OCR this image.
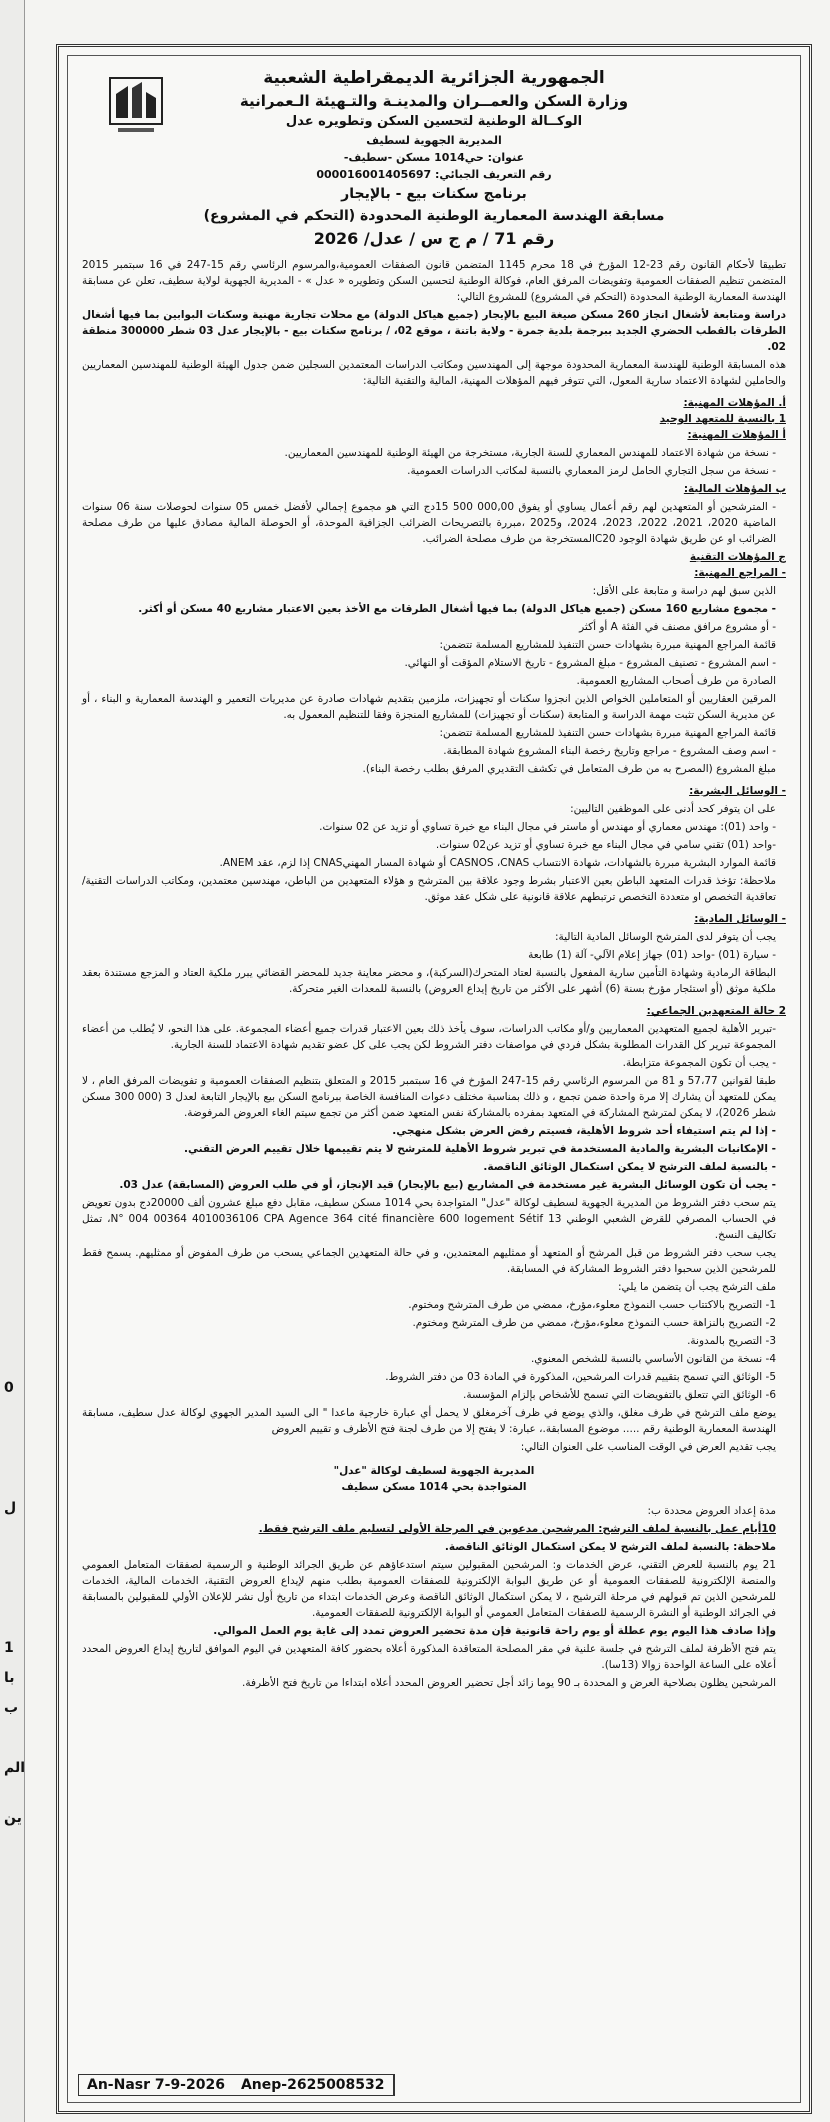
0
ل
1
با
ب
الم
ين
الجمهورية الجزائرية الديمقراطية الشعبية
وزارة السكن والعمــران والمدينـة والتـهيئة الـعمرانية
الوكــالة الوطنية لتحسين السكن وتطويره عدل
المديرية الجهوية لسطيف
عنوان: حي1014 مسكن -سطيف-
رقم التعريف الجبائي: 000016001405697
برنامج سكنات بيع - بالإيجار
مسابقة الهندسة المعمارية الوطنية المحدودة (التحكم في المشروع)
رقم 71 / م ج س / عدل/ 2026

تطبيقا لأحكام القانون رقم 23-12 المؤرخ في 18 محرم 1145 المتضمن قانون الصفقات العمومية،والمرسوم الرئاسي رقم 15-247 في 16 سبتمبر 2015 المتضمن تنظيم الصفقات العمومية وتفويضات المرفق العام، فوكالة الوطنية لتحسين السكن وتطويره « عدل » - المديرية الجهوية لولاية سطيف، تعلن عن مسابقة الهندسة المعمارية الوطنية المحدودة (التحكم في المشروع) للمشروع التالي:

دراسة ومتابعة لأشغال انجاز 260 مسكن صيغة البيع بالإيجار (جميع هياكل الدولة) مع محلات تجارية مهنية وسكنات البوابين بما فيها أشغال الطرقات بالقطب الحضري الجديد ببرجمة بلدية جمرة - ولاية باتنة ، موقع 02، / برنامج سكنات بيع - بالإيجار عدل 03 شطر 300000 منطقة 02.

هذه المسابقة الوطنية للهندسة المعمارية المحدودة موجهة إلى المهندسين ومكاتب الدراسات المعتمدين السجلين ضمن جدول الهيئة الوطنية للمهندسين المعماريين والحاملين لشهادة الاعتماد سارية المعول، التي تتوفر فيهم المؤهلات المهنية، المالية والتقنية التالية:

أ. المؤهلات المهنية:
1 بالنسبة للمتعهد الوحيد
أ المؤهلات المهنية:

- نسخة من شهادة الاعتماد للمهندس المعماري للسنة الجارية، مستخرجة من الهيئة الوطنية للمهندسين المعماريين.

- نسخة من سجل التجاري الحامل لرمز المعماري بالنسبة لمكاتب الدراسات العمومية.

ب المؤهلات المالية:

- المترشحين أو المتعهدين لهم رقم أعمال يساوي أو يفوق 000,00 500 15دج التي هو مجموع إجمالي لأفضل خمس 05 سنوات لحوصلات سنة 06 سنوات الماضية 2020، 2021، 2022، 2023، 2024، و2025 ،مبررة بالتصريحات الضرائب الجزافية الموحدة، أو الحوصلة المالية مصادق عليها من طرف مصلحة الضرائب او عن طريق شهادة الوجود C20المستخرجة من طرف مصلحة الضرائب.

ج المؤهلات التقنية
- المراجع المهنية:

الذين سبق لهم دراسة و متابعة على الأقل:

- مجموع مشاريع 160 مسكن (جميع هياكل الدولة) بما فيها أشغال الطرقات مع الأخذ بعين الاعتبار مشاريع 40 مسكن أو أكثر.

- أو مشروع مرافق مصنف في الفئة A أو أكثر

قائمة المراجع المهنية مبررة بشهادات حسن التنفيذ للمشاريع المسلمة تتضمن:

- اسم المشروع - تصنيف المشروع - مبلغ المشروع - تاريخ الاستلام المؤقت أو النهائي.

الصادرة من طرف أصحاب المشاريع العمومية.

المرقين العقاريين أو المتعاملين الخواص الذين انجزوا سكنات أو تجهيزات، ملزمين بتقديم شهادات صادرة عن مديريات التعمير و الهندسة المعمارية و البناء ، أو عن مديرية السكن تثبت مهمة الدراسة و المتابعة (سكنات أو تجهيزات) للمشاريع المنجزة وفقا للتنظيم المعمول به.

قائمة المراجع المهنية مبررة بشهادات حسن التنفيذ للمشاريع المسلمة تتضمن:

- اسم وصف المشروع - مراجع وتاريخ رخصة البناء المشروع شهادة المطابقة.

مبلغ المشروع (المصرح به من طرف المتعامل في تكشف التقديري المرفق بطلب رخصة البناء).

- الوسائل البشرية:

على ان يتوفر كحد أدنى على الموظفين التاليين:

- واحد (01): مهندس معماري أو مهندس أو ماستر في مجال البناء مع خبرة تساوي أو تزيد عن 02 سنوات.

-واحد (01) تقني سامي في مجال البناء مع خبرة تساوي أو تزيد عن02 سنوات.

قائمة الموارد البشرية مبررة بالشهادات، شهادة الانتساب CASNOS ،CNAS أو شهادة المسار المهنيCNAS إذا لزم، عقد ANEM.

ملاحظة: تؤخذ قدرات المتعهد الباطن بعين الاعتبار بشرط وجود علاقة بين المترشح و هؤلاء المتعهدين من الباطن، مهندسين معتمدين، ومكاتب الدراسات التقنية/تعاقدية التخصص او متعددة التخصص ترتبطهم علاقة قانونية على شكل عقد موثق.

- الوسائل المادية:

يجب أن يتوفر لدى المترشح الوسائل المادية التالية:

- سيارة (01) -واحد (01) جهاز إعلام الآلي- آلة (1) طابعة

البطاقة الرمادية وشهادة التأمين سارية المفعول بالنسبة لعتاد المتحرك(السركبة)، و محضر معاينة جديد للمحضر القضائي يبرر ملكية العتاد و المزجع مستندة بعقد ملكية موثق (أو استئجار مؤرخ بسنة (6) أشهر على الأكثر من تاريخ إيداع العروض) بالنسبة للمعدات الغير متحركة.

2 حالة المتعهدين الجماعي:

-تبرير الأهلية لجميع المتعهدين المعماريين و/أو مكاتب الدراسات، سوف يأخذ ذلك بعين الاعتبار قدرات جميع أعضاء المجموعة. على هذا النحو، لا يُطلب من أعضاء المجموعة تبرير كل القدرات المطلوبة بشكل فردي في مواصفات دفتر الشروط لكن يجب على كل عضو تقديم شهادة الاعتماد للسنة الجارية.

- يجب أن تكون المجموعة متزابطة.

طبقا لقوانين 57،77 و 81 من المرسوم الرئاسي رقم 15-247 المؤرخ في 16 سبتمبر 2015 و المتعلق بتنظيم الصفقات العمومية و تفويضات المرفق العام ، لا يمكن للمتعهد أن يشارك إلا مرة واحدة ضمن تجمع ، و ذلك بمناسبة مختلف دعوات المنافسة الخاصة ببرنامج السكن بيع بالإيجار التابعة لعدل 3 (000 300 مسكن شطر 2026)، لا يمكن لمترشح المشاركة في المتعهد بمفرده بالمشاركة نفس المتعهد ضمن أكثر من تجمع سيتم الغاء العروض المرفوضة.

- إذا لم يتم استيفاء أحد شروط الأهلية، فسيتم رفض العرض بشكل منهجي.

- الإمكانيات البشرية والمادية المستخدمة في تبرير شروط الأهلية للمترشح لا يتم تقييمها خلال تقييم العرض التقني.

- بالنسبة لملف الترشح لا يمكن استكمال الوثائق الناقصة.

- يجب أن تكون الوسائل البشرية غير مستخدمة في المشاريع (بيع بالإيجار) قيد الإنجاز، أو في طلب العروض (المسابقة) عدل 03.

يتم سحب دفتر الشروط من المديرية الجهوية لسطيف لوكالة "عدل" المتواجدة بحي 1014 مسكن سطيف، مقابل دفع مبلغ عشرون ألف 20000دج بدون تعويض في الحساب المصرفي للقرض الشعبي الوطني 13 N° 004 00364 4010036106 CPA Agence 364 cité financière 600 logement Sétif، تمثل تكاليف النسخ.

يجب سحب دفتر الشروط من قبل المرشح أو المتعهد أو ممثليهم المعتمدين، و في حالة المتعهدين الجماعي يسحب من طرف المفوض أو ممثليهم. يسمح فقط للمرشحين الذين سحبوا دفتر الشروط المشاركة في المسابقة.

ملف الترشح يجب أن يتضمن ما يلي:

1- التصريح بالاكتتاب حسب النموذج معلوء،مؤرخ، ممضي من طرف المترشح ومختوم.

2- التصريح بالنزاهة حسب النموذج معلوء،مؤرخ، ممضي من طرف المترشح ومختوم.

3- التصريح بالمدونة.

4- نسخة من القانون الأساسي بالنسبة للشخص المعنوي.

5- الوثائق التي تسمح بتقييم قدرات المرشحين، المذكورة في المادة 03 من دفتر الشروط.

6- الوثائق التي تتعلق بالتفويضات التي تسمح للأشخاص بإلزام المؤسسة.

يوضع ملف الترشح في ظرف مغلق، والذي يوضع في ظرف آخرمغلق لا يحمل أي عبارة خارجية ماعدا " الى السيد المدير الجهوي لوكالة عدل سطيف، مسابقة الهندسة المعمارية الوطنية رقم ..... موضوع المسابقة.، عبارة: لا يفتح إلا من طرف لجنة فتح الأظرف و تقييم العروض

يجب تقديم العرض في الوقت المناسب على العنوان التالي:

المديرية الجهوية لسطيف لوكالة "عدل"
المتواجدة بحي 1014 مسكن سطيف

مدة إعداد العروض محددة ب:

10أيام عمل بالنسبة لملف الترشح: المرشحين مدعوين في المرحلة الأولى لتسليم ملف الترشح فقط.

ملاحظة: بالنسبة لملف الترشح لا يمكن استكمال الوثائق الناقصة.

21 يوم بالنسبة للعرض التقني، عرض الخدمات و: المرشحين المقبولين سيتم استدعاؤهم عن طريق الجرائد الوطنية و الرسمية لصفقات المتعامل العمومي والمنصة الإلكترونية للصفقات العمومية أو عن طريق البوابة الإلكترونية للصفقات العمومية بطلب منهم لإيداع العروض التقنية، الخدمات المالية، الخدمات للمرشحين الذين تم قبولهم في مرحلة الترشيح ، لا يمكن استكمال الوثائق الناقصة وعرض الخدمات ابتداء من تاريخ أول نشر للإعلان الأولي للمقبولين بالمسابقة في الجرائد الوطنية أو النشرة الرسمية للصفقات المتعامل العمومي أو البوابة الإلكترونية للصفقات العمومية.

وإذا صادف هذا اليوم يوم عطلة أو يوم راحة قانونية فإن مدة تحضير العروض تمدد إلى غاية يوم العمل الموالي.

يتم فتح الأظرفة لملف الترشح في جلسة علنية في مقر المصلحة المتعاقدة المذكورة أعلاه بحضور كافة المتعهدين في اليوم الموافق لتاريخ إيداع العروض المحدد أعلاه على الساعة الواحدة زوالا (13سا).

المرشحين يظلون بصلاحية العرض و المحددة بـ 90 يوما زائد أجل تحضير العروض المحدد أعلاه ابتداءا من تاريخ فتح الأظرفة.

An-Nasr 7-9-2026	Anep-2625008532
